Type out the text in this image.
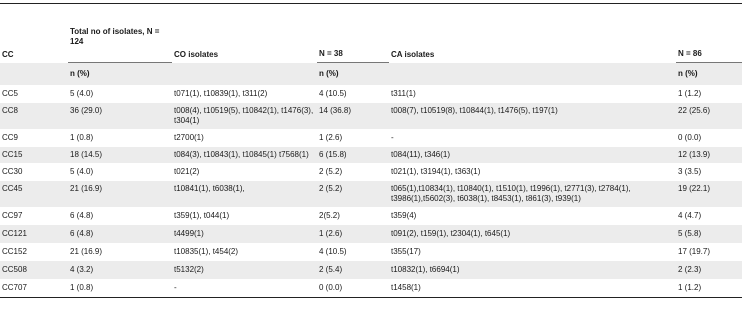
CC	Total no of isolates, N = 124	CO isolates	N = 38	CA isolates	N = 86
	n (%)		n (%)		n (%)
CC5	5 (4.0)	t071(1), t10839(1), t311(2)	4 (10.5)	t311(1)	1 (1.2)
CC8	36 (29.0)	t008(4), t10519(5), t10842(1), t1476(3), t304(1)	14 (36.8)	t008(7), t10519(8), t10844(1), t1476(5), t197(1)	22 (25.6)
CC9	1 (0.8)	t2700(1)	1 (2.6)	-	0 (0.0)
CC15	18 (14.5)	t084(3), t10843(1), t10845(1) t7568(1)	6 (15.8)	t084(11), t346(1)	12 (13.9)
CC30	5 (4.0)	t021(2)	2 (5.2)	t021(1), t3194(1), t363(1)	3 (3.5)
CC45	21 (16.9)	t10841(1), t6038(1),	2 (5.2)	t065(1),t10834(1), t10840(1), t1510(1), t1996(1), t2771(3), t2784(1), t3986(1),t5602(3), t6038(1), t8453(1), t861(3), t939(1)	19 (22.1)
CC97	6 (4.8)	t359(1), t044(1)	2(5.2)	t359(4)	4 (4.7)
CC121	6 (4.8)	t4499(1)	1 (2.6)	t091(2), t159(1), t2304(1), t645(1)	5 (5.8)
CC152	21 (16.9)	t10835(1), t454(2)	4 (10.5)	t355(17)	17 (19.7)
CC508	4 (3.2)	t5132(2)	2 (5.4)	t10832(1), t6694(1)	2 (2.3)
CC707	1 (0.8)	-	0 (0.0)	t1458(1)	1 (1.2)
